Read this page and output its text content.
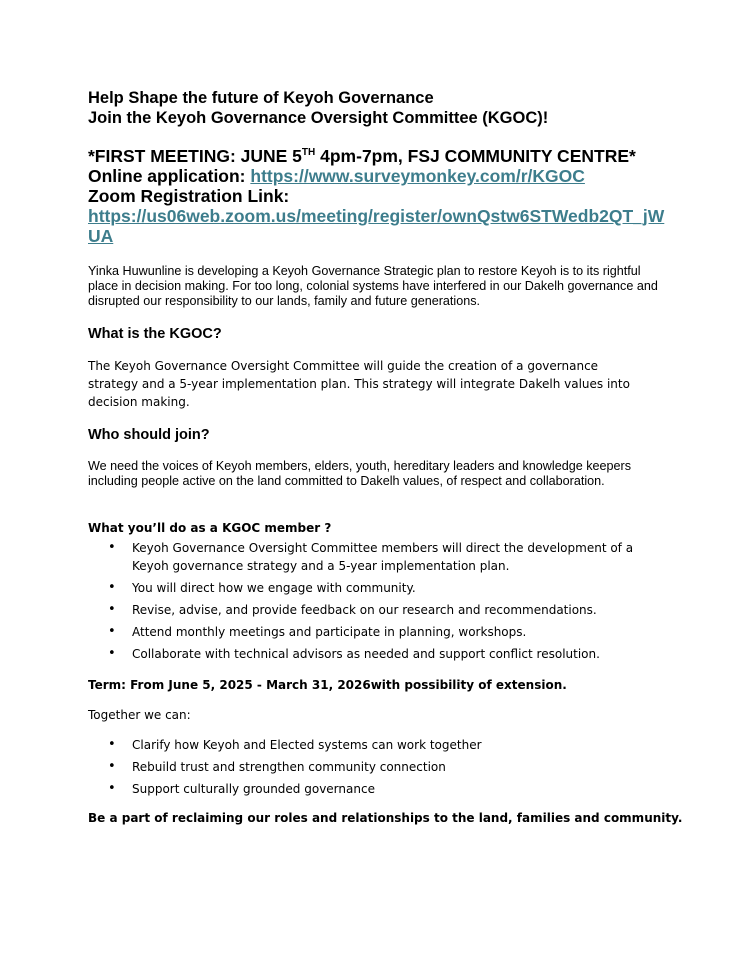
Help Shape the future of Keyoh Governance
Join the Keyoh Governance Oversight Committee (KGOC)!
*FIRST MEETING: JUNE 5TH 4pm-7pm, FSJ COMMUNITY CENTRE*
Online application: https://www.surveymonkey.com/r/KGOC
Zoom Registration Link:
https://us06web.zoom.us/meeting/register/ownQstw6STWedb2QT_jW
UA

Yinka Huwunline is developing a Keyoh Governance Strategic plan to restore Keyoh is to its rightful place in decision making. For too long, colonial systems have interfered in our Dakelh governance and disrupted our responsibility to our lands, family and future generations.

What is the KGOC?

The Keyoh Governance Oversight Committee will guide the creation of a governance strategy and a 5-year implementation plan. This strategy will integrate Dakelh values into decision making.

Who should join?

We need the voices of Keyoh members, elders, youth, hereditary leaders and knowledge keepers including people active on the land committed to Dakelh values, of respect and collaboration.

What you’ll do as a KGOC member ?
• Keyoh Governance Oversight Committee members will direct the development of a Keyoh governance strategy and a 5-year implementation plan.
• You will direct how we engage with community.
• Revise, advise, and provide feedback on our research and recommendations.
• Attend monthly meetings and participate in planning, workshops.
• Collaborate with technical advisors as needed and support conflict resolution.
Term: From June 5, 2025 - March 31, 2026with possibility of extension.
Together we can:
• Clarify how Keyoh and Elected systems can work together
• Rebuild trust and strengthen community connection
• Support culturally grounded governance
Be a part of reclaiming our roles and relationships to the land, families and community.
